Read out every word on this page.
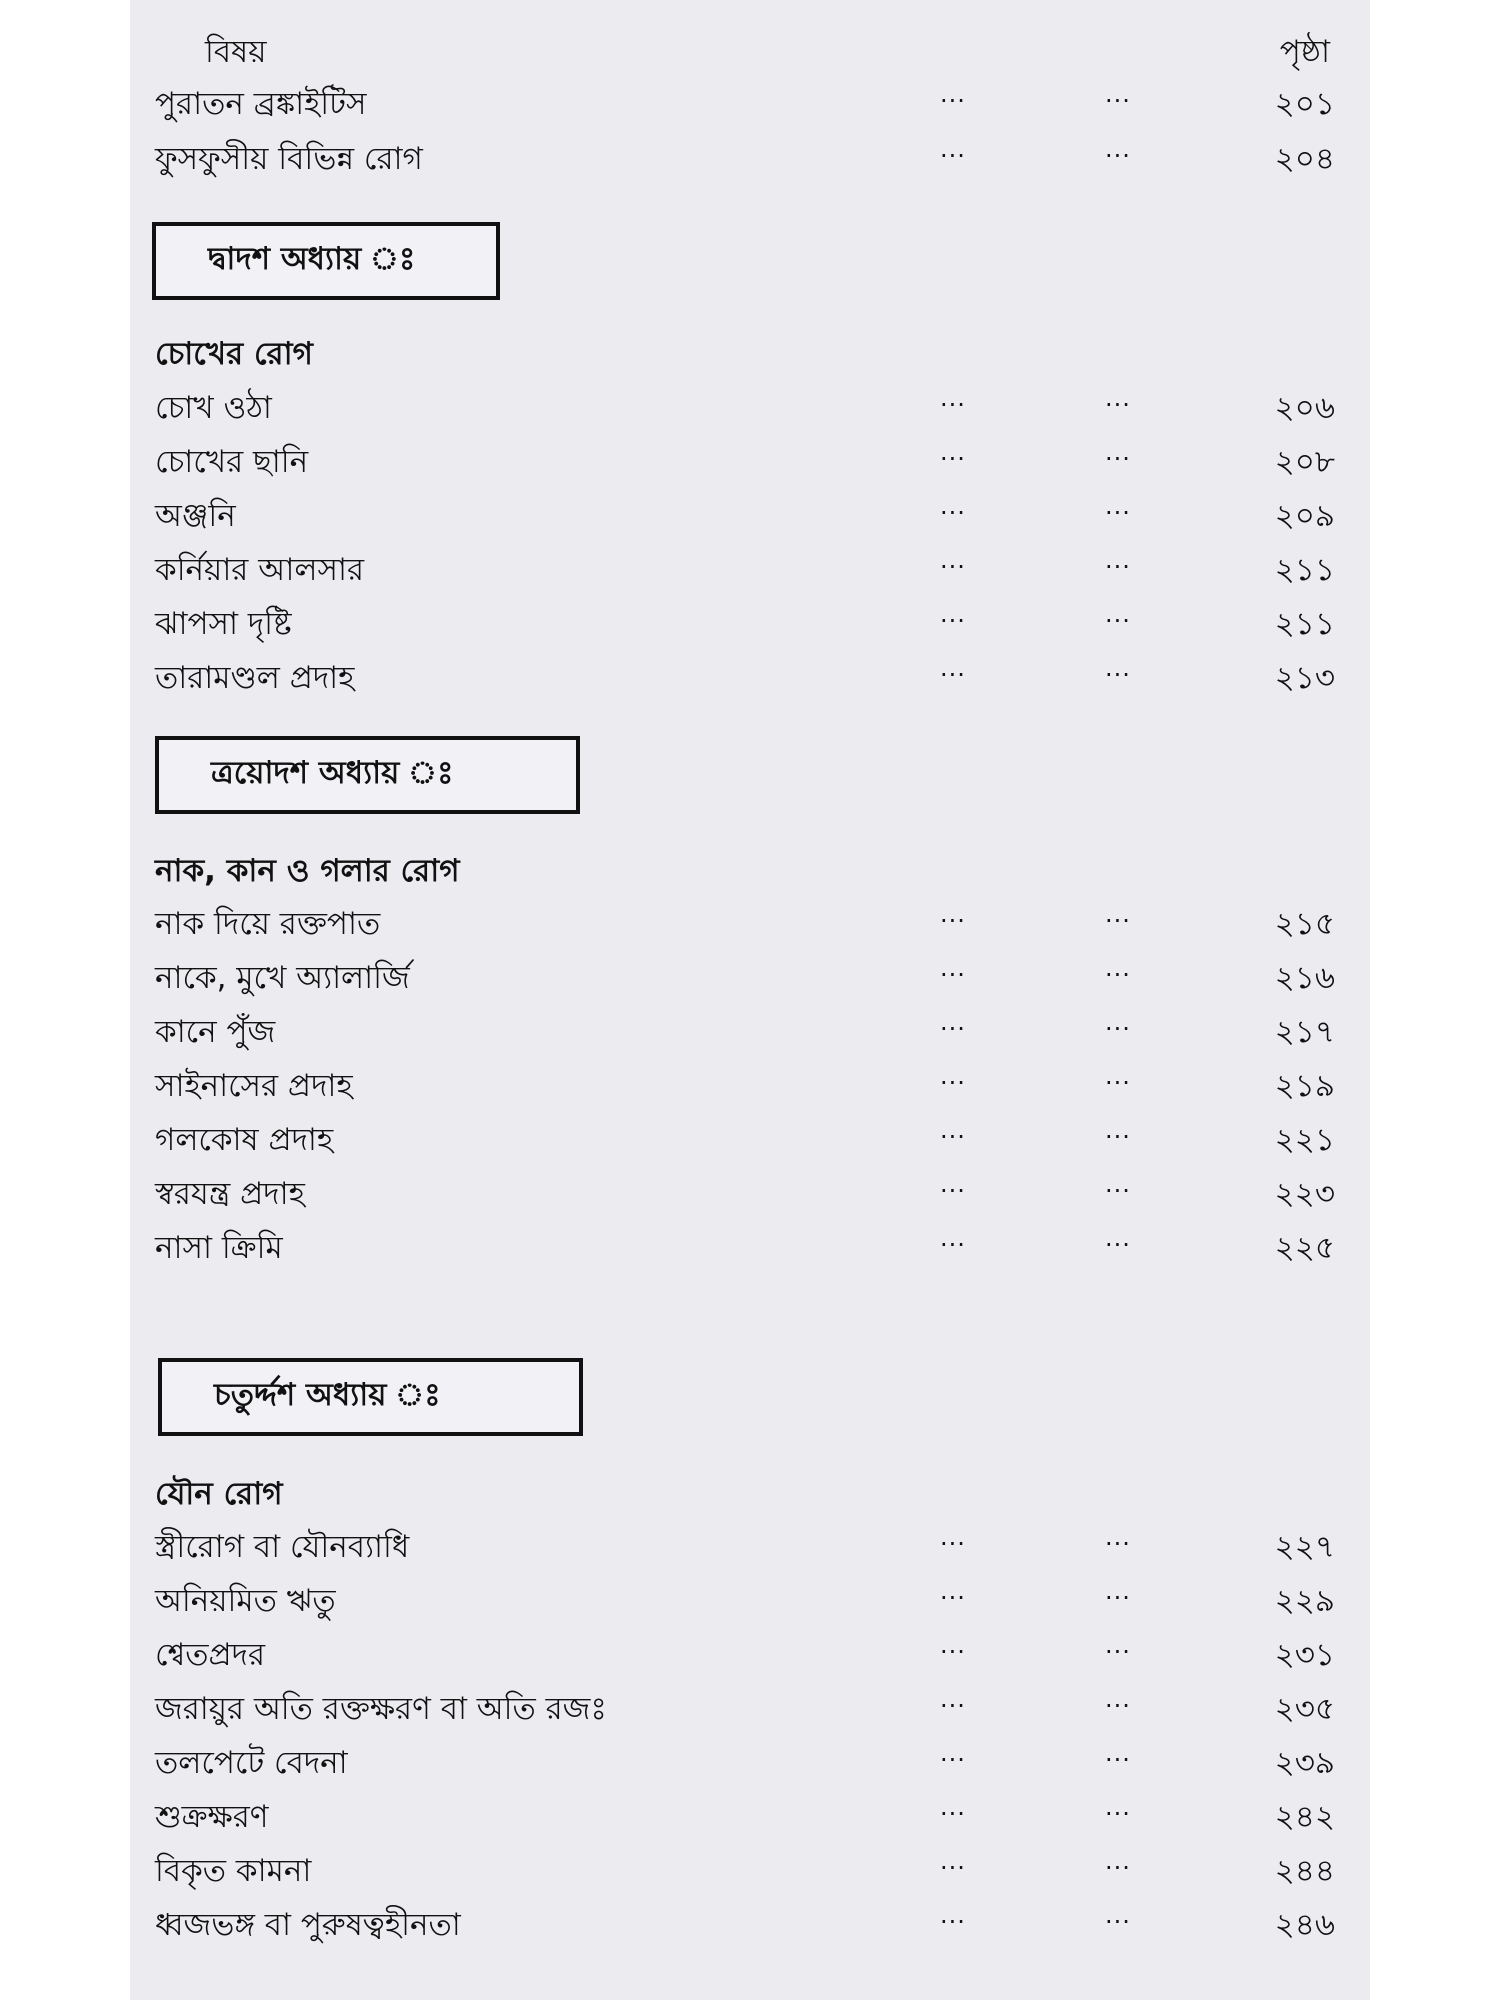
বিষয়	পৃষ্ঠা
পুরাতন ব্রঙ্কাইটিস	...	...	২০১
ফুসফুসীয় বিভিন্ন রোগ	...	...	২০৪
দ্বাদশ অধ্যায় ঃ
চোখের রোগ
চোখ ওঠা	...	...	২০৬
চোখের ছানি	...	...	২০৮
অঞ্জনি	...	...	২০৯
কর্নিয়ার আলসার	...	...	২১১
ঝাপসা দৃষ্টি	...	...	২১১
তারামণ্ডল প্রদাহ	...	...	২১৩
ত্রয়োদশ অধ্যায় ঃ
নাক, কান ও গলার রোগ
নাক দিয়ে রক্তপাত	...	...	২১৫
নাকে, মুখে অ্যালার্জি	...	...	২১৬
কানে পুঁজ	...	...	২১৭
সাইনাসের প্রদাহ	...	...	২১৯
গলকোষ প্রদাহ	...	...	২২১
স্বরযন্ত্র প্রদাহ	...	...	২২৩
নাসা ক্রিমি	...	...	২২৫
চতুর্দ্দশ অধ্যায় ঃ
যৌন রোগ
স্ত্রীরোগ বা যৌনব্যাধি	...	...	২২৭
অনিয়মিত ঋতু	...	...	২২৯
শ্বেতপ্রদর	...	...	২৩১
জরায়ুর অতি রক্তক্ষরণ বা অতি রজঃ	...	...	২৩৫
তলপেটে বেদনা	...	...	২৩৯
শুক্রক্ষরণ	...	...	২৪২
বিকৃত কামনা	...	...	২৪৪
ধ্বজভঙ্গ বা পুরুষত্বহীনতা	...	...	২৪৬
